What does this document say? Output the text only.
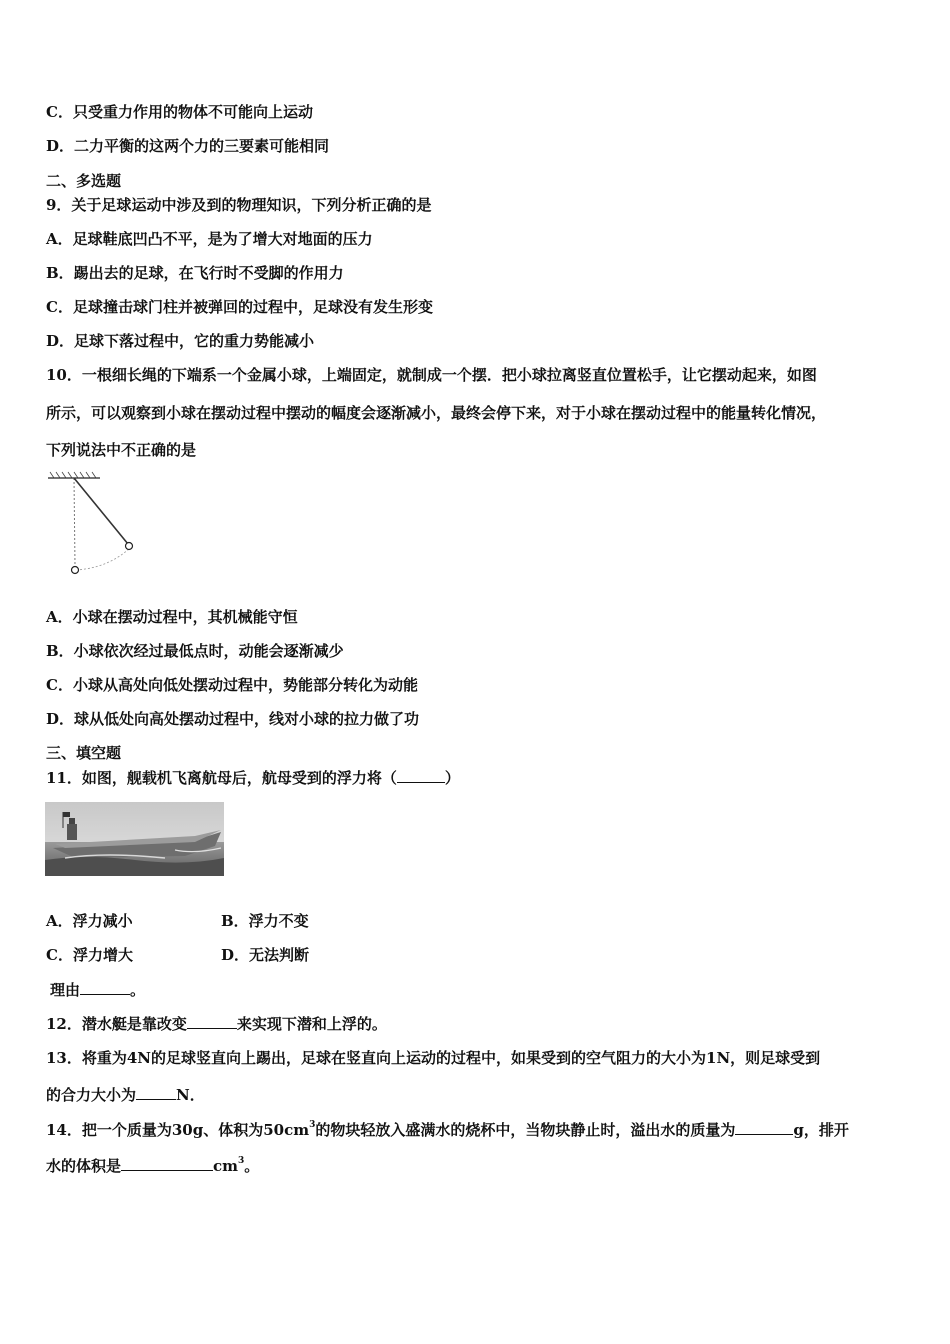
C．只受重力作用的物体不可能向上运动
D．二力平衡的这两个力的三要素可能相同
二、多选题
9．关于足球运动中涉及到的物理知识，下列分析正确的是
A．足球鞋底凹凸不平，是为了增大对地面的压力
B．踢出去的足球，在飞行时不受脚的作用力
C．足球撞击球门柱并被弹回的过程中，足球没有发生形变
D．足球下落过程中，它的重力势能减小
10．一根细长绳的下端系一个金属小球，上端固定，就制成一个摆．把小球拉离竖直位置松手，让它摆动起来，如图
所示，可以观察到小球在摆动过程中摆动的幅度会逐渐减小，最终会停下来，对于小球在摆动过程中的能量转化情况，
下列说法中不正确的是
A．小球在摆动过程中，其机械能守恒
B．小球依次经过最低点时，动能会逐渐减少
C．小球从高处向低处摆动过程中，势能部分转化为动能
D．球从低处向高处摆动过程中，线对小球的拉力做了功
三、填空题
11．如图，舰载机飞离航母后，航母受到的浮力将（	）
A．浮力减小	B．浮力不变
C．浮力增大	D．无法判断
理由	。
12．潜水艇是靠改变	来实现下潜和上浮的。
13．将重为4N的足球竖直向上踢出，足球在竖直向上运动的过程中，如果受到的空气阻力的大小为1N，则足球受到
的合力大小为	N．
14．把一个质量为30g、体积为$50cm^3$的物块轻放入盛满水的烧杯中，当物块静止时，溢出水的质量为	g，排开
水的体积是	$cm^3$。
